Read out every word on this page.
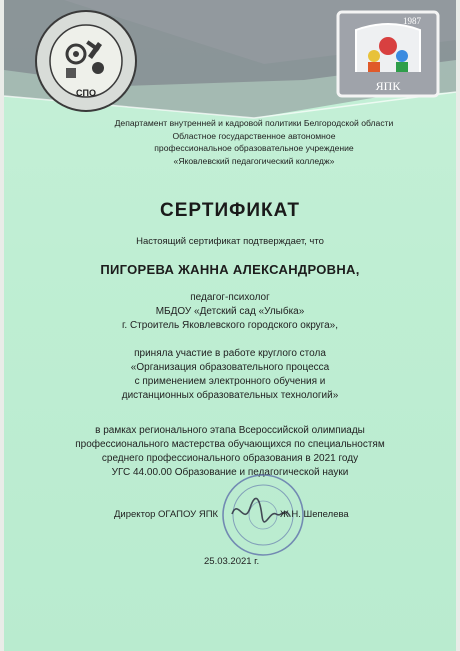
СПО
1987
ЯПК
Департамент внутренней и кадровой политики Белгородской области
Областное государственное автономное
профессиональное образовательное учреждение
«Яковлевский педагогический колледж»
СЕРТИФИКАТ
Настоящий сертификат подтверждает, что
ПИГОРЕВА ЖАННА АЛЕКСАНДРОВНА,
педагог-психолог
МБДОУ «Детский сад «Улыбка»
г. Строитель Яковлевского городского округа»,
приняла участие в работе круглого стола
«Организация образовательного процесса
с применением электронного обучения и
дистанционных образовательных технологий»
в рамках регионального этапа Всероссийской олимпиады
профессионального мастерства обучающихся по специальностям
среднего профессионального образования в 2021 году
УГС 44.00.00 Образование и педагогической науки
Директор ОГАПОУ ЯПК	Ж.Н. Шепелева
25.03.2021 г.
